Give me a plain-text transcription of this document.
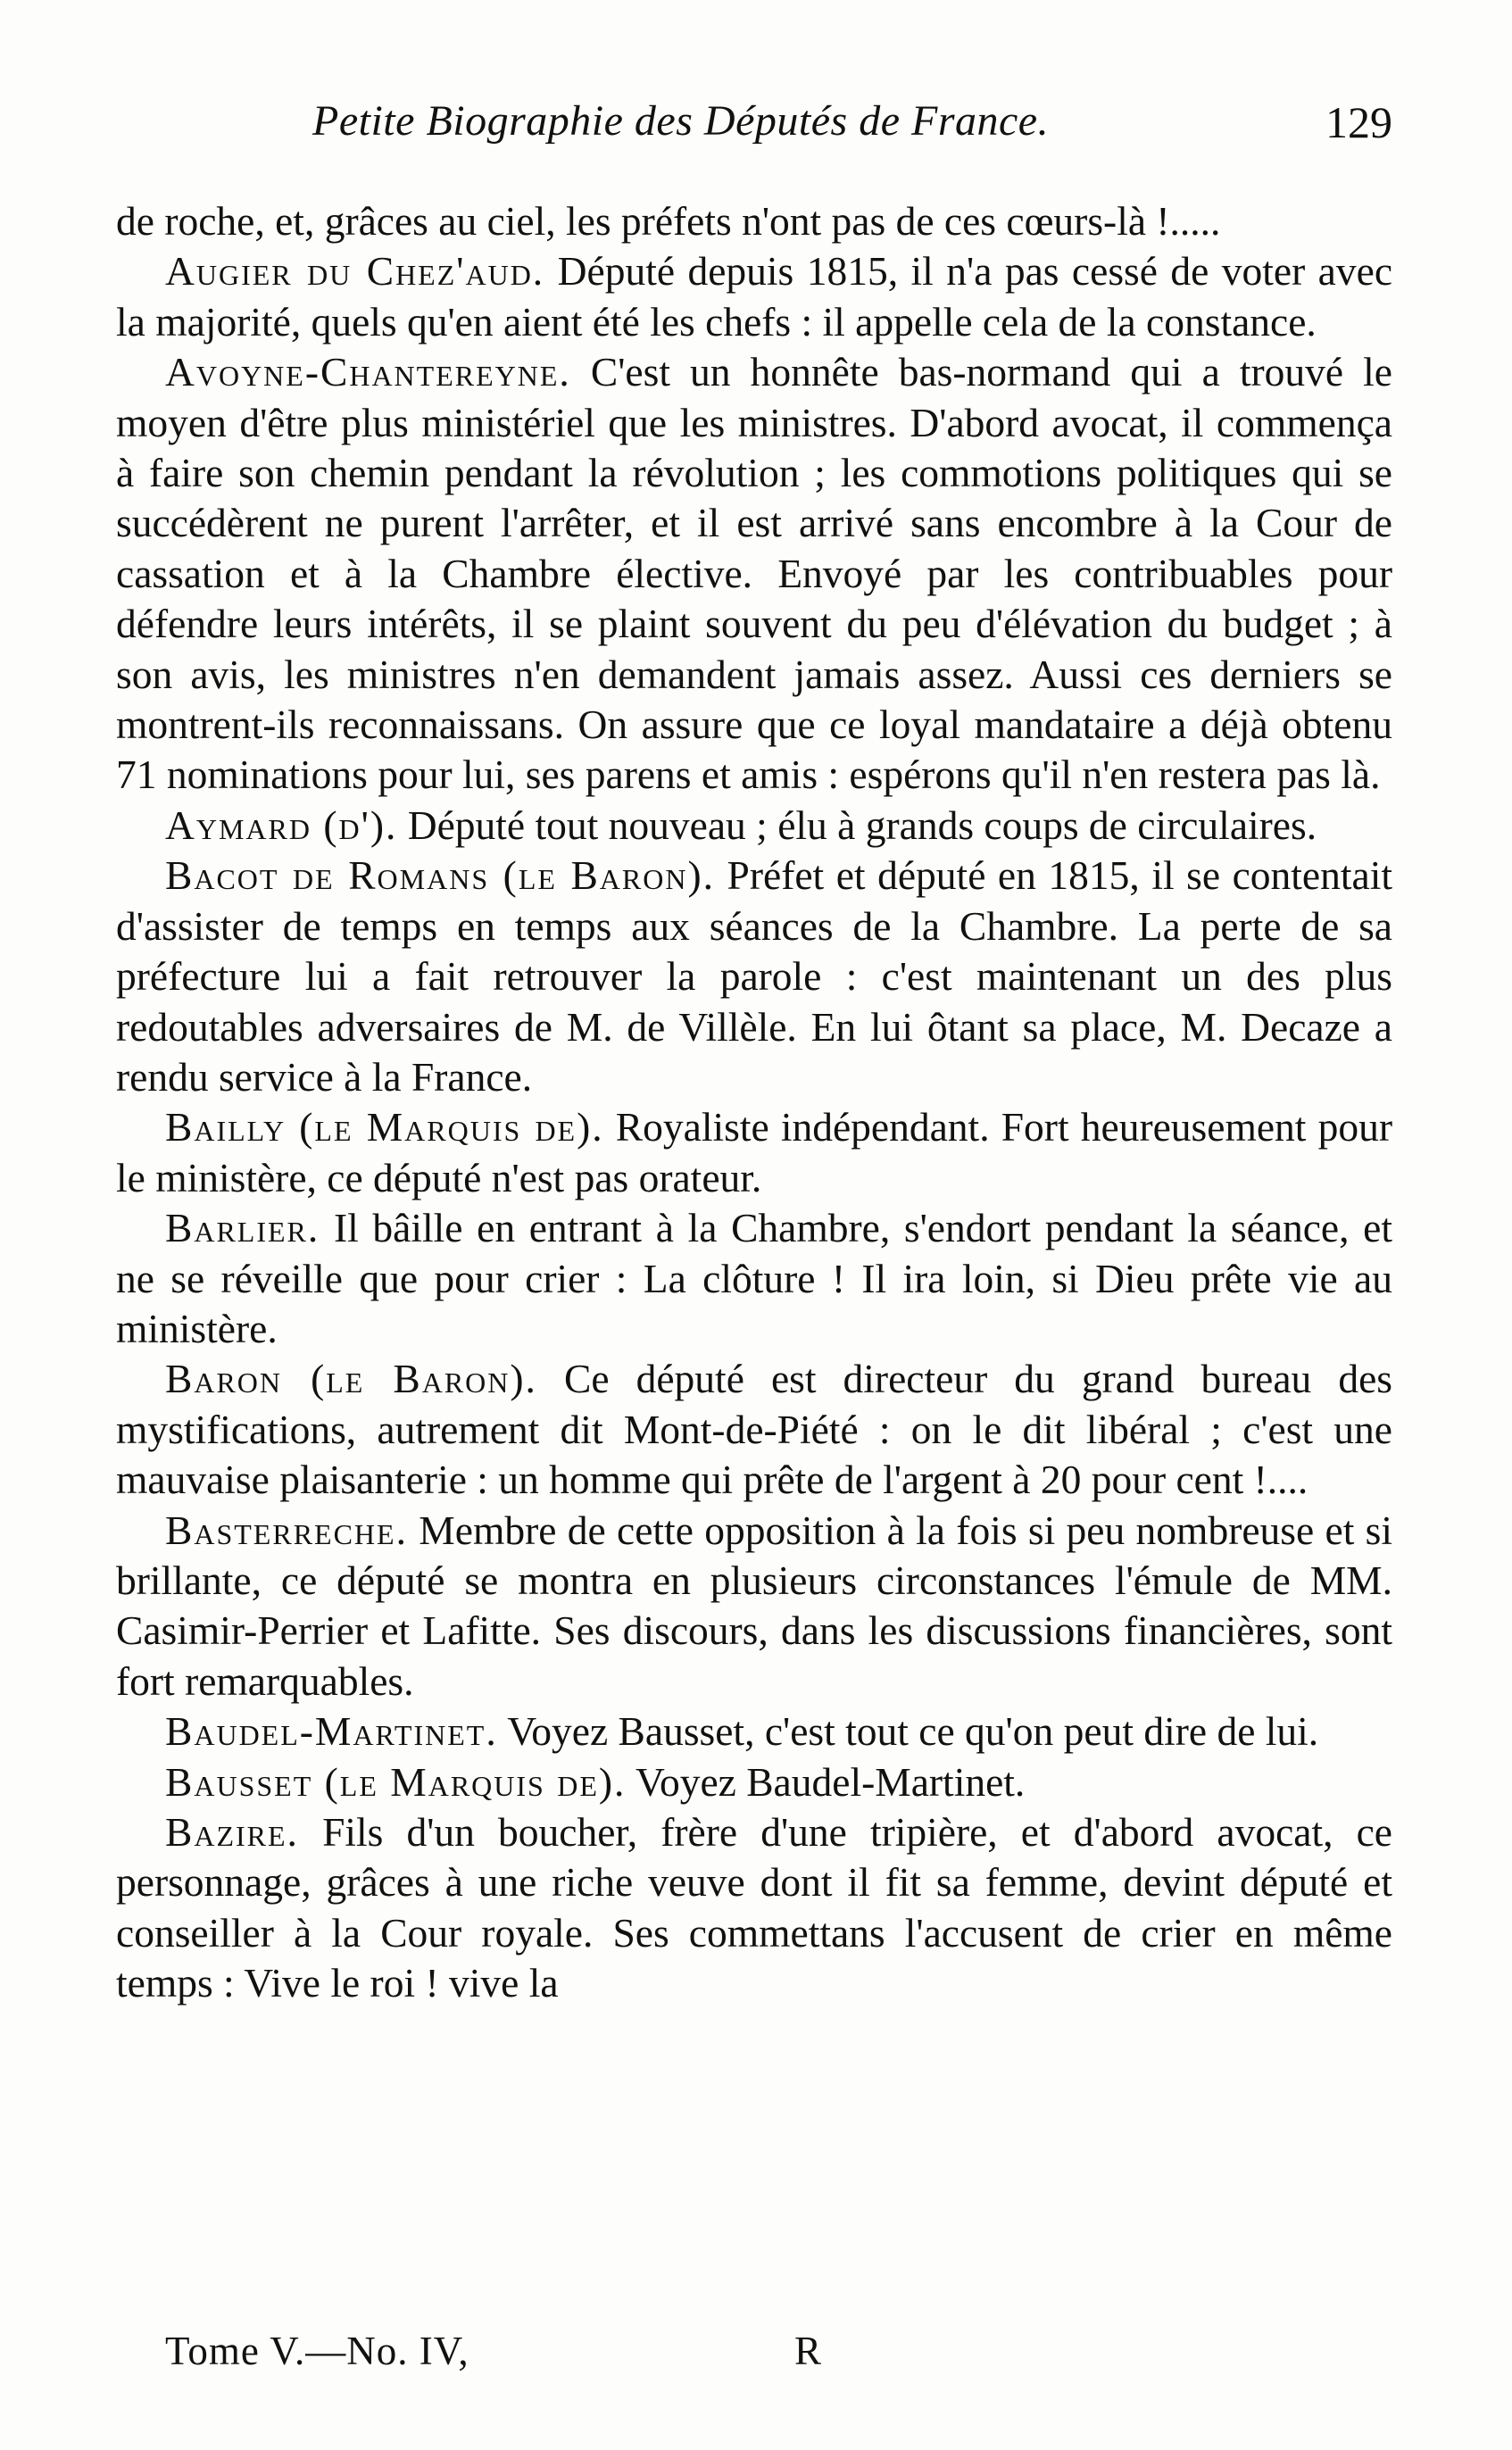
Petite Biographie des Députés de France.	129

de roche, et, grâces au ciel, les préfets n'ont pas de ces cœurs-là !.....

Augier du Chez'aud. Député depuis 1815, il n'a pas cessé de voter avec la majorité, quels qu'en aient été les chefs : il appelle cela de la constance.

Avoyne-Chantereyne. C'est un honnête bas-normand qui a trouvé le moyen d'être plus ministériel que les ministres. D'abord avocat, il commença à faire son chemin pendant la révolution ; les commotions politiques qui se succédèrent ne purent l'arrêter, et il est arrivé sans encombre à la Cour de cassation et à la Chambre élective. Envoyé par les contribuables pour défendre leurs intérêts, il se plaint souvent du peu d'élévation du budget ; à son avis, les ministres n'en demandent jamais assez. Aussi ces derniers se montrent-ils reconnaissans. On assure que ce loyal mandataire a déjà obtenu 71 nominations pour lui, ses parens et amis : espérons qu'il n'en restera pas là.

Aymard (d'). Député tout nouveau ; élu à grands coups de circulaires.

Bacot de Romans (le Baron). Préfet et député en 1815, il se contentait d'assister de temps en temps aux séances de la Chambre. La perte de sa préfecture lui a fait retrouver la parole : c'est maintenant un des plus redoutables adversaires de M. de Villèle. En lui ôtant sa place, M. Decaze a rendu service à la France.

Bailly (le Marquis de). Royaliste indépendant. Fort heureusement pour le ministère, ce député n'est pas orateur.

Barlier. Il bâille en entrant à la Chambre, s'endort pendant la séance, et ne se réveille que pour crier : La clôture ! Il ira loin, si Dieu prête vie au ministère.

Baron (le Baron). Ce député est directeur du grand bureau des mystifications, autrement dit Mont-de-Piété : on le dit libéral ; c'est une mauvaise plaisanterie : un homme qui prête de l'argent à 20 pour cent !....

Basterreche. Membre de cette opposition à la fois si peu nombreuse et si brillante, ce député se montra en plusieurs circonstances l'émule de MM. Casimir-Perrier et Lafitte. Ses discours, dans les discussions financières, sont fort remarquables.

Baudel-Martinet. Voyez Bausset, c'est tout ce qu'on peut dire de lui.

Bausset (le Marquis de). Voyez Baudel-Martinet.

Bazire. Fils d'un boucher, frère d'une tripière, et d'abord avocat, ce personnage, grâces à une riche veuve dont il fit sa femme, devint député et conseiller à la Cour royale. Ses commettans l'accusent de crier en même temps : Vive le roi ! vive la

Tome V.—No. IV,	R
